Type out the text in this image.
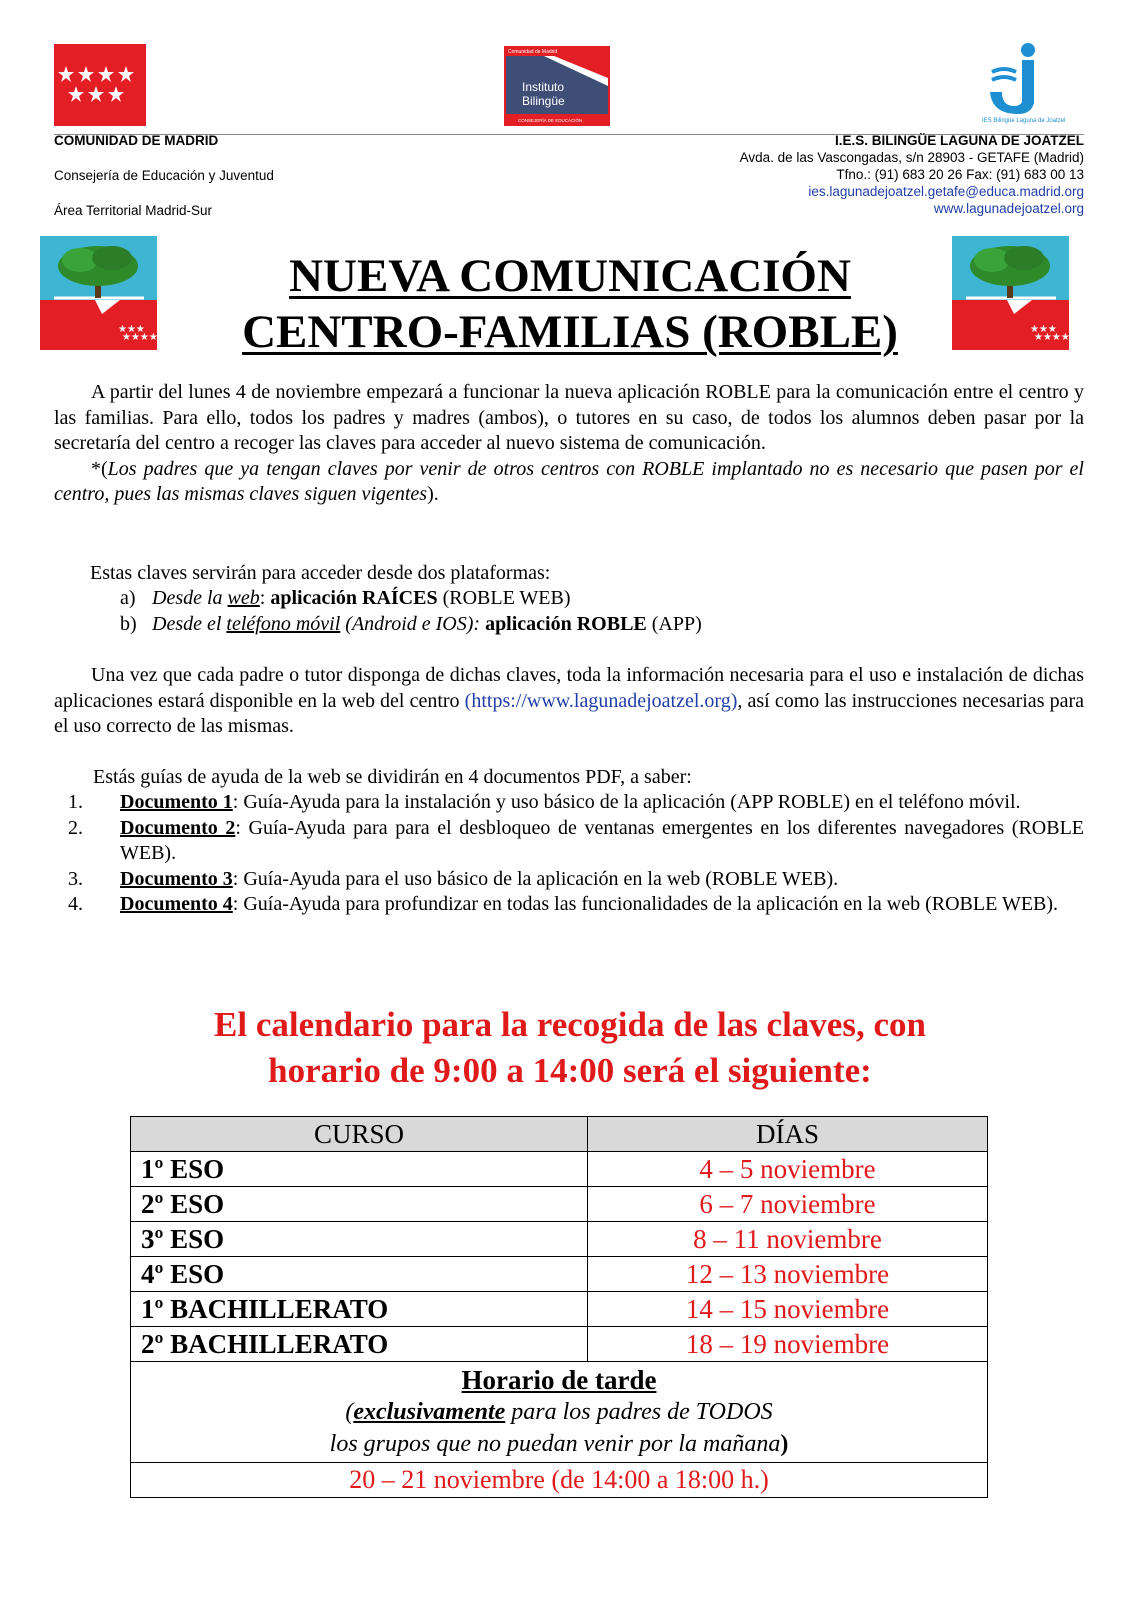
Comunidad de Madrid
Instituto
Bilingüe
CONSEJERÍA DE EDUCACIÓN	IES Bilingüe Laguna de Joatzel
★★★
★★★★
★★★
★★★★
COMUNIDAD DE MADRID
Consejería de Educación y Juventud
Área Territorial Madrid-Sur
I.E.S. BILINGÜE LAGUNA DE JOATZEL
Avda. de las Vascongadas, s/n 28903 - GETAFE (Madrid)
Tfno.: (91) 683 20 26 Fax: (91) 683 00 13
ies.lagunadejoatzel.getafe@educa.madrid.org
www.lagunadejoatzel.org
NUEVA COMUNICACIÓN
CENTRO-FAMILIAS (ROBLE)

A partir del lunes 4 de noviembre empezará a funcionar la nueva aplicación ROBLE para la comunicación entre el centro y las familias. Para ello, todos los padres y madres (ambos), o tutores en su caso, de todos los alumnos deben pasar por la secretaría del centro a recoger las claves para acceder al nuevo sistema de comunicación.

*(Los padres que ya tengan claves por venir de otros centros con ROBLE implantado no es necesario que pasen por el centro, pues las mismas claves siguen vigentes).

Estas claves servirán para acceder desde dos plataformas:
a) Desde la web: aplicación RAÍCES (ROBLE WEB)
b) Desde el teléfono móvil (Android e IOS): aplicación ROBLE (APP)

Una vez que cada padre o tutor disponga de dichas claves, toda la información necesaria para el uso e instalación de dichas aplicaciones estará disponible en la web del centro (https://www.lagunadejoatzel.org), así como las instrucciones necesarias para el uso correcto de las mismas.

Estás guías de ayuda de la web se dividirán en 4 documentos PDF, a saber:
1.	Documento 1: Guía-Ayuda para la instalación y uso básico de la aplicación (APP ROBLE) en el teléfono móvil.
2.	Documento 2: Guía-Ayuda para para el desbloqueo de ventanas emergentes en los diferentes navegadores (ROBLE WEB).
3.	Documento 3: Guía-Ayuda para el uso básico de la aplicación en la web (ROBLE WEB).
4.	Documento 4: Guía-Ayuda para profundizar en todas las funcionalidades de la aplicación en la web (ROBLE WEB).
El calendario para la recogida de las claves, con
horario de 9:00 a 14:00 será el siguiente:
CURSO	DÍAS
1º ESO	4 – 5 noviembre
2º ESO	6 – 7 noviembre
3º ESO	8 – 11 noviembre
4º ESO	12 – 13 noviembre
1º BACHILLERATO	14 – 15 noviembre
2º BACHILLERATO	18 – 19 noviembre

Horario de tarde
(exclusivamente para los padres de TODOS
los grupos que no puedan venir por la mañana)	

20 – 21 noviembre (de 14:00 a 18:00 h.)	
